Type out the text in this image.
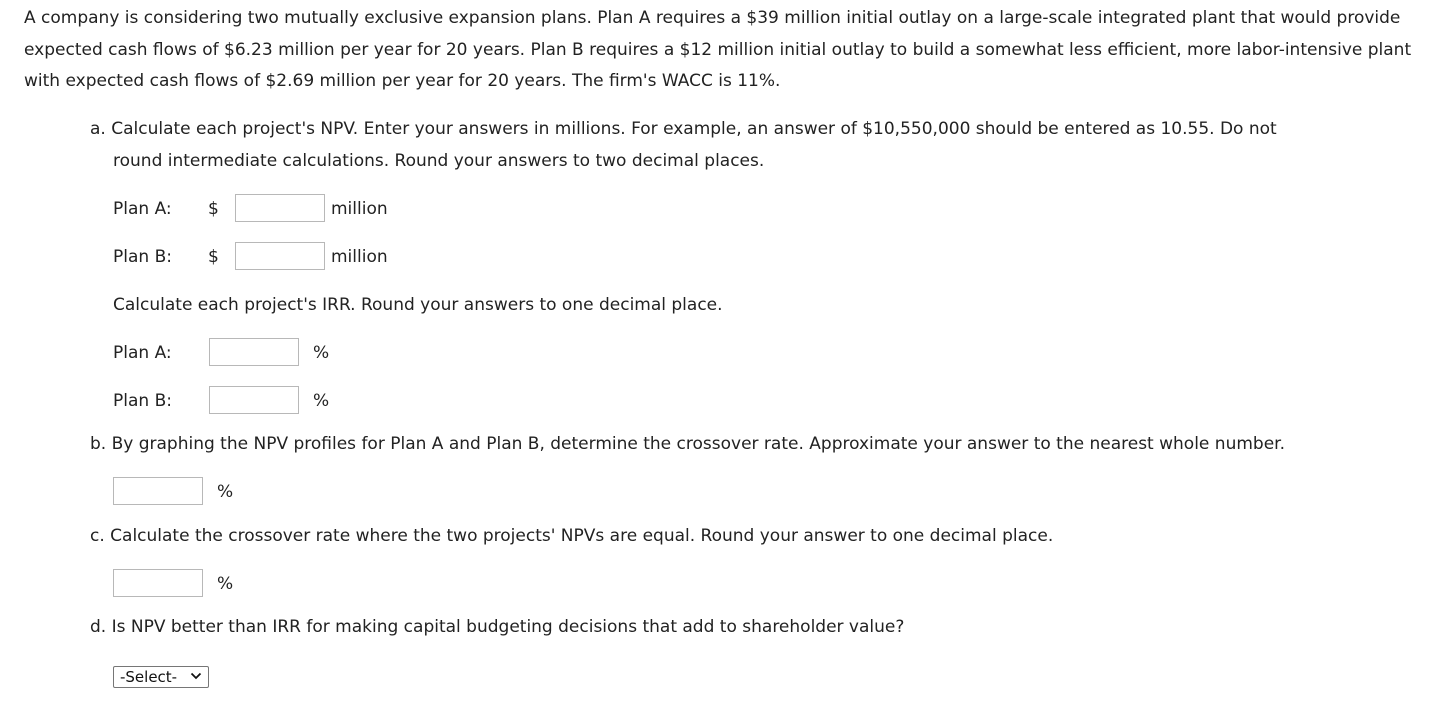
A company is considering two mutually exclusive expansion plans. Plan A requires a $39 million initial outlay on a large-scale integrated plant that would provide expected cash flows of $6.23 million per year for 20 years. Plan B requires a $12 million initial outlay to build a somewhat less efficient, more labor-intensive plant with expected cash flows of $2.69 million per year for 20 years. The firm's WACC is 11%.

a. Calculate each project's NPV. Enter your answers in millions. For example, an answer of $10,550,000 should be entered as 10.55. Do not
round intermediate calculations. Round your answers to two decimal places.
Plan A: $	million
Plan B: $	million

Calculate each project's IRR. Round your answers to one decimal place.

Plan A:	%
Plan B:	%

b. By graphing the NPV profiles for Plan A and Plan B, determine the crossover rate. Approximate your answer to the nearest whole number.

%

c. Calculate the crossover rate where the two projects' NPVs are equal. Round your answer to one decimal place.

%

d. Is NPV better than IRR for making capital budgeting decisions that add to shareholder value?

-Select-
